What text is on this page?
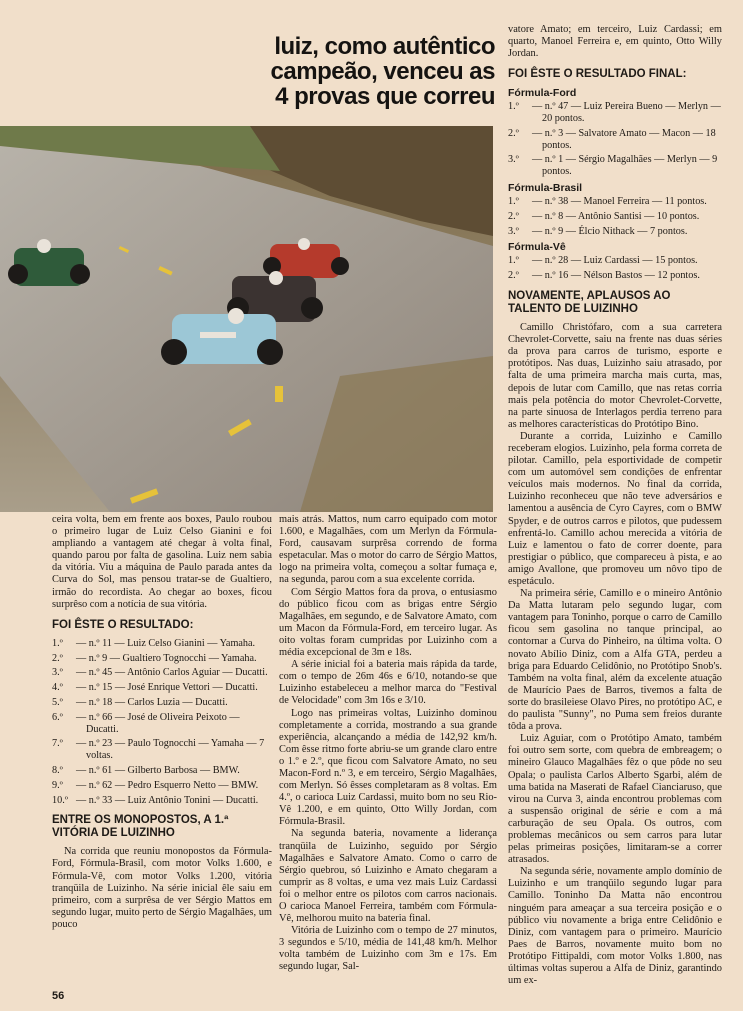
luiz, como autêntico
campeão, venceu as
4 provas que correu

ceira volta, bem em frente aos boxes, Paulo roubou o primeiro lugar de Luiz Celso Gianini e foi ampliando a vantagem até chegar à volta final, quando parou por falta de gasolina. Luiz nem sabia da vitória. Viu a máquina de Paulo parada antes da Curva do Sol, mas pensou tratar-se de Gualtiero, irmão do recordista. Ao chegar ao boxes, ficou surprêso com a notícia de sua vitória.

FOI ÊSTE O RESULTADO:
1.º	— n.º 11 — Luiz Celso Gianini — Yamaha.
2.º	— n.º 9 — Gualtiero Tognocchi — Yamaha.
3.º	— n.º 45 — Antônio Carlos Aguiar — Ducatti.
4.º	— n.º 15 — José Enrique Vettori — Ducatti.
5.º	— n.º 18 — Carlos Luzia — Ducatti.
6.º	— n.º 66 — José de Oliveira Peixoto — Ducatti.
7.º	— n.º 23 — Paulo Tognocchi — Yamaha — 7 voltas.
8.º	— n.º 61 — Gilberto Barbosa — BMW.
9.º	— n.º 62 — Pedro Esquerro Netto — BMW.
10.º — n.º 33 — Luiz Antônio Tonini — Ducatti.
ENTRE OS MONOPOSTOS, A 1.ª VITÓRIA DE LUIZINHO

Na corrida que reuniu monopostos da Fórmula-Ford, Fórmula-Brasil, com motor Volks 1.600, e Fórmula-Vê, com motor Volks 1.200, vitória tranqüila de Luizinho. Na série inicial êle saiu em primeiro, com a surprêsa de ver Sérgio Mattos em segundo lugar, muito perto de Sérgio Magalhães, um pouco

mais atrás. Mattos, num carro equipado com motor 1.600, e Magalhães, com um Merlyn da Fórmula-Ford, causavam surprêsa correndo de forma espetacular. Mas o motor do carro de Sérgio Mattos, logo na primeira volta, começou a soltar fumaça e, na segunda, parou com a sua excelente corrida.

Com Sérgio Mattos fora da prova, o entusiasmo do público ficou com as brigas entre Sérgio Magalhães, em segundo, e de Salvatore Amato, com um Macon da Fórmula-Ford, em terceiro lugar. As oito voltas foram cumpridas por Luizinho com a média excepcional de 3m e 18s.

A série inicial foi a bateria mais rápida da tarde, com o tempo de 26m 46s e 6/10, notando-se que Luizinho estabeleceu a melhor marca do "Festival de Velocidade" com 3m 16s e 3/10.

Logo nas primeiras voltas, Luizinho dominou completamente a corrida, mostrando a sua grande experiência, alcançando a média de 142,92 km/h. Com êsse ritmo forte abriu-se um grande claro entre o 1.º e 2.º, que ficou com Salvatore Amato, no seu Macon-Ford n.º 3, e em terceiro, Sérgio Magalhães, com Merlyn. Só êsses completaram as 8 voltas. Em 4.º, o carioca Luiz Cardassi, muito bom no seu Rio-Vê 1.200, e em quinto, Otto Willy Jordan, com Fórmula-Brasil.

Na segunda bateria, novamente a liderança tranqüila de Luizinho, seguido por Sérgio Magalhães e Salvatore Amato. Como o carro de Sérgio quebrou, só Luizinho e Amato chegaram a cumprir as 8 voltas, e uma vez mais Luiz Cardassi foi o melhor entre os pilotos com carros nacionais. O carioca Manoel Ferreira, também com Fórmula-Vê, melhorou muito na bateria final.

Vitória de Luizinho com o tempo de 27 minutos, 3 segundos e 5/10, média de 141,48 km/h. Melhor volta também de Luizinho com 3m e 17s. Em segundo lugar, Sal-

vatore Amato; em terceiro, Luiz Cardassi; em quarto, Manoel Ferreira e, em quinto, Otto Willy Jordan.

FOI ÊSTE O RESULTADO FINAL:
Fórmula-Ford
1.º	— n.º 47 — Luiz Pereira Bueno — Merlyn — 20 pontos.
2.º	— n.º 3 — Salvatore Amato — Macon — 18 pontos.
3.º	— n.º 1 — Sérgio Magalhães — Merlyn — 9 pontos.
Fórmula-Brasil
1.º	— n.º 38 — Manoel Ferreira — 11 pontos.
2.º	— n.º 8 — Antônio Santisi — 10 pontos.
3.º	— n.º 9 — Élcio Nithack — 7 pontos.
Fórmula-Vê
1.º	— n.º 28 — Luiz Cardassi — 15 pontos.
2.º	— n.º 16 — Nélson Bastos — 12 pontos.
NOVAMENTE, APLAUSOS AO TALENTO DE LUIZINHO

Camillo Christófaro, com a sua carretera Chevrolet-Corvette, saiu na frente nas duas séries da prova para carros de turismo, esporte e protótipos. Nas duas, Luizinho saiu atrasado, por falta de uma primeira marcha mais curta, mas, depois de lutar com Camillo, que nas retas corria mais pela potência do motor Chevrolet-Corvette, na parte sinuosa de Interlagos perdia terreno para as melhores características do Protótipo Bino.

Durante a corrida, Luizinho e Camillo receberam elogios. Luizinho, pela forma correta de pilotar. Camillo, pela esportividade de competir com um automóvel sem condições de enfrentar veículos mais modernos. No final da corrida, Luizinho reconheceu que não teve adversários e lamentou a ausência de Cyro Cayres, com o BMW Spyder, e de outros carros e pilotos, que pudessem enfrentá-lo. Camillo achou merecida a vitória de Luiz e lamentou o fato de correr doente, para prestigiar o público, que compareceu à pista, e ao amigo Avallone, que promoveu um nôvo tipo de espetáculo.

Na primeira série, Camillo e o mineiro Antônio Da Matta lutaram pelo segundo lugar, com vantagem para Toninho, porque o carro de Camillo ficou sem gasolina no tanque principal, ao contornar a Curva do Pinheiro, na última volta. O novato Abílio Diniz, com a Alfa GTA, perdeu a briga para Eduardo Celidônio, no Protótipo Snob's. Também na volta final, além da excelente atuação de Maurício Paes de Barros, tivemos a falta de sorte do brasileiese Olavo Pires, no protótipo AC, e do paulista "Sunny", no Puma sem freios durante tôda a prova.

Luiz Aguiar, com o Protótipo Amato, também foi outro sem sorte, com quebra de embreagem; o mineiro Glauco Magalhães fêz o que pôde no seu Opala; o paulista Carlos Alberto Sgarbi, além de uma batida na Maserati de Rafael Cianciaruso, que virou na Curva 3, ainda encontrou problemas com a suspensão original de série e com a má carburação de seu Opala. Os outros, com problemas mecânicos ou sem carros para lutar pelas primeiras posições, limitaram-se a correr atrasados.

Na segunda série, novamente amplo domínio de Luizinho e um tranqüilo segundo lugar para Camillo. Toninho Da Matta não encontrou ninguém para ameaçar a sua terceira posição e o público viu novamente a briga entre Celidônio e Diniz, com vantagem para o primeiro. Maurício Paes de Barros, novamente muito bom no Protótipo Fittipaldi, com motor Volks 1.800, nas últimas voltas superou a Alfa de Diniz, garantindo um ex-

56
